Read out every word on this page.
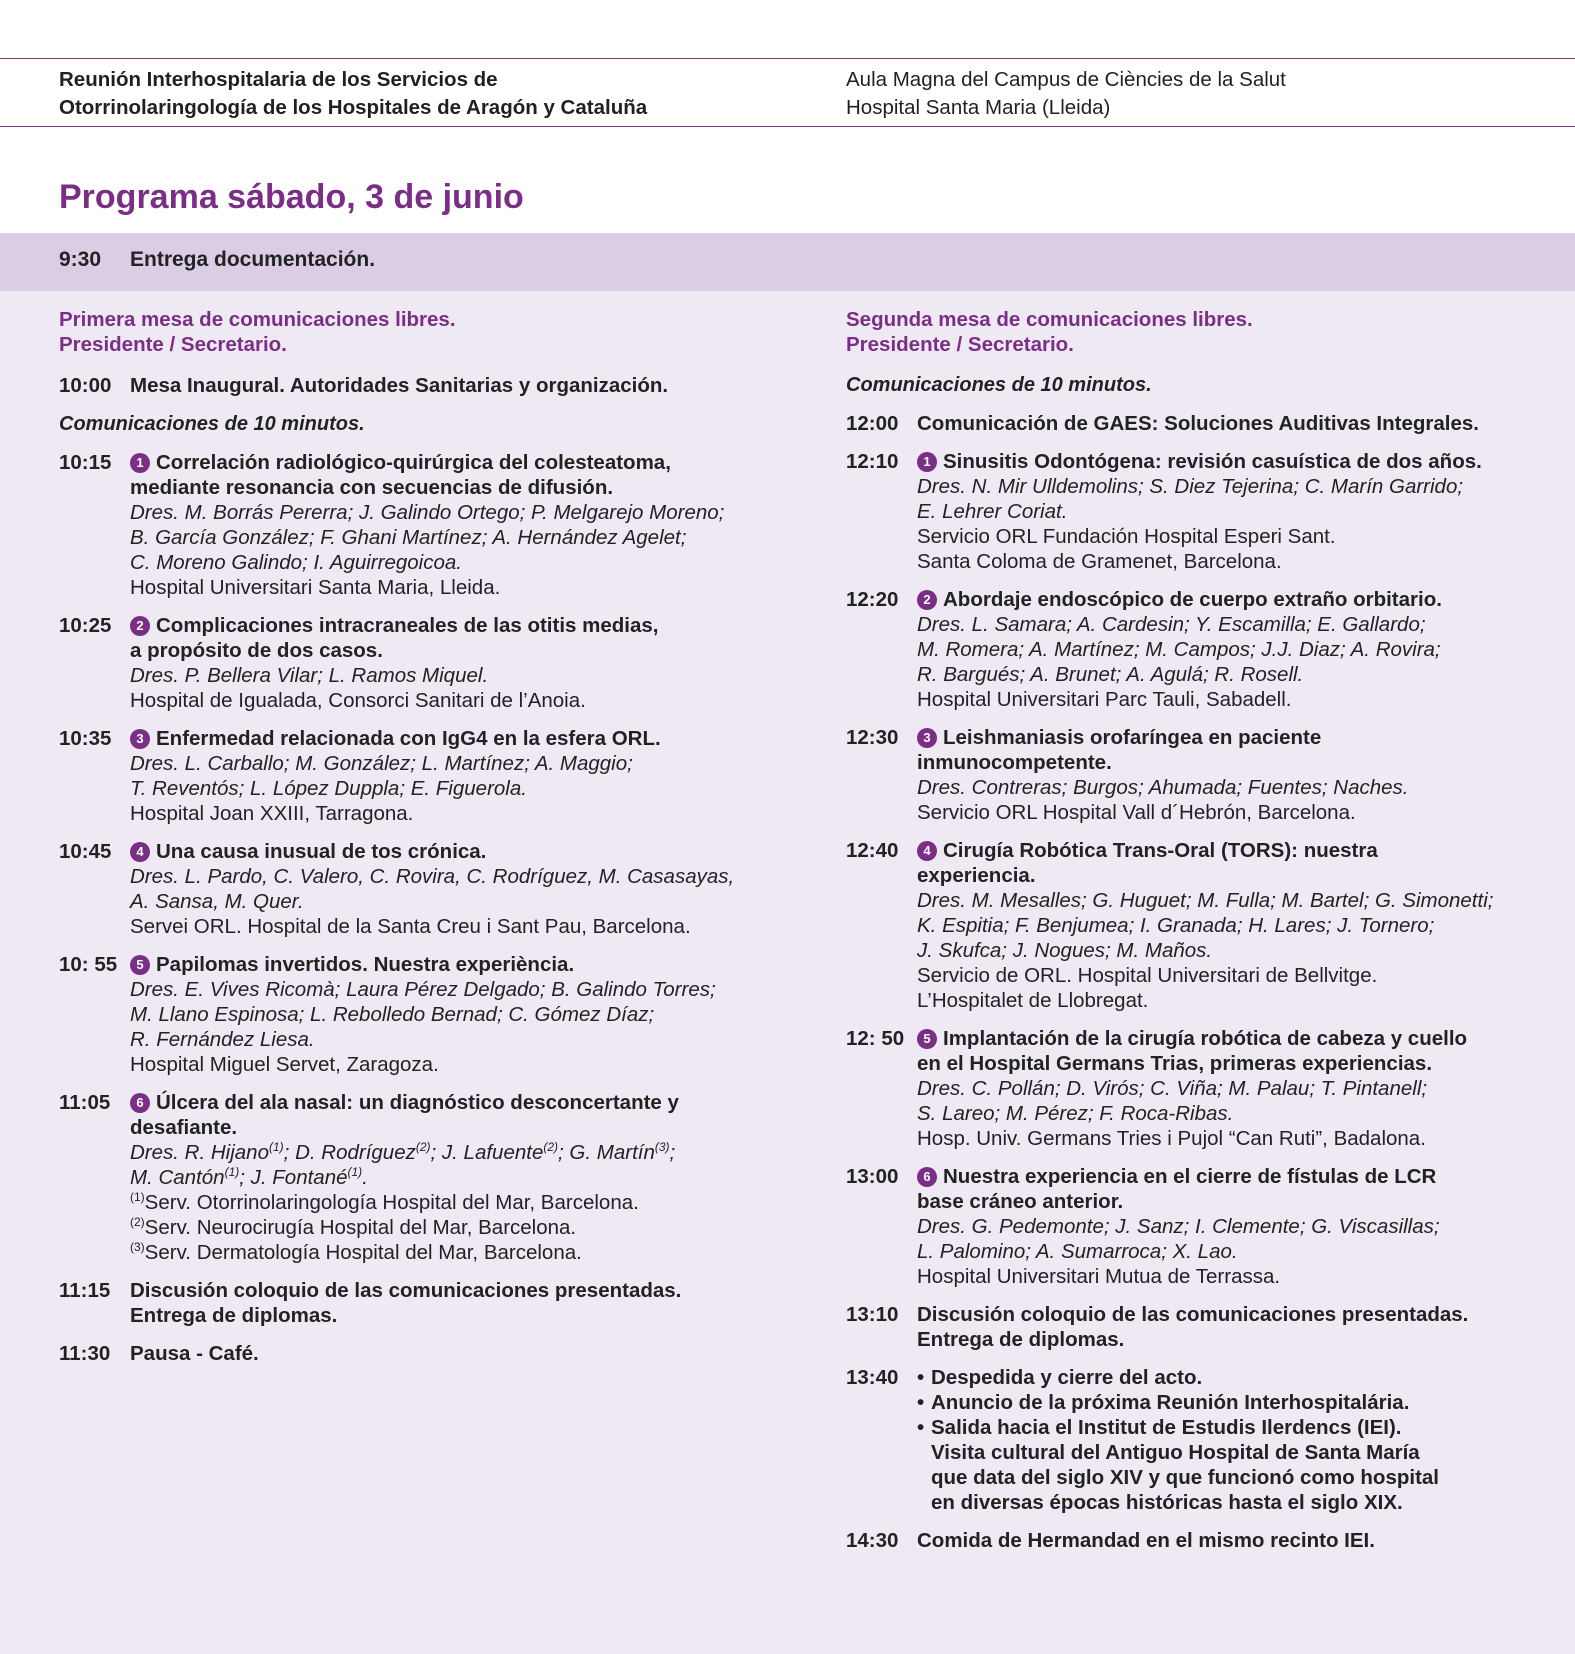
Reunión Interhospitalaria de los Servicios de
Otorrinolaringología de los Hospitales de Aragón y Cataluña
Aula Magna del Campus de Ciències de la Salut
Hospital Santa Maria (Lleida)
Programa sábado, 3 de junio
9:30 Entrega documentación.
Primera mesa de comunicaciones libres.
Presidente / Secretario.
10:00 Mesa Inaugural. Autoridades Sanitarias y organización.
Comunicaciones de 10 minutos.
10:15	1 Correlación radiológico-quirúrgica del colesteatoma,
mediante resonancia con secuencias de difusión.
Dres. M. Borrás Pererra; J. Galindo Ortego; P. Melgarejo Moreno;
B. García González; F. Ghani Martínez; A. Hernández Agelet;
C. Moreno Galindo; I. Aguirregoicoa.
Hospital Universitari Santa Maria, Lleida.
10:25	2 Complicaciones intracraneales de las otitis medias,
a propósito de dos casos.
Dres. P. Bellera Vilar; L. Ramos Miquel.
Hospital de Igualada, Consorci Sanitari de l’Anoia.
10:35	3 Enfermedad relacionada con IgG4 en la esfera ORL.
Dres. L. Carballo; M. González; L. Martínez; A. Maggio;
T. Reventós; L. López Duppla; E. Figuerola.
Hospital Joan XXIII, Tarragona.
10:45	4 Una causa inusual de tos crónica.
Dres. L. Pardo, C. Valero, C. Rovira, C. Rodríguez, M. Casasayas,
A. Sansa, M. Quer.
Servei ORL. Hospital de la Santa Creu i Sant Pau, Barcelona.
10: 55	5 Papilomas invertidos. Nuestra experiència.
Dres. E. Vives Ricomà; Laura Pérez Delgado; B. Galindo Torres;
M. Llano Espinosa; L. Rebolledo Bernad; C. Gómez Díaz;
R. Fernández Liesa.
Hospital Miguel Servet, Zaragoza.
11:05	6 Úlcera del ala nasal: un diagnóstico desconcertante y
desafiante.
Dres. R. Hijano$^{(1)}$; D. Rodríguez$^{(2)}$; J. Lafuente$^{(2)}$; G. Martín$^{(3)}$;
M. Cantón$^{(1)}$; J. Fontané$^{(1)}$.
$^{(1)}$Serv. Otorrinolaringología Hospital del Mar, Barcelona.
$^{(2)}$Serv. Neurocirugía Hospital del Mar, Barcelona.
$^{(3)}$Serv. Dermatología Hospital del Mar, Barcelona.
11:15 Discusión coloquio de las comunicaciones presentadas.
Entrega de diplomas.
11:30 Pausa - Café.
Segunda mesa de comunicaciones libres.
Presidente / Secretario.
Comunicaciones de 10 minutos.
12:00 Comunicación de GAES: Soluciones Auditivas Integrales.
12:10	1 Sinusitis Odontógena: revisión casuística de dos años.
Dres. N. Mir Ulldemolins; S. Diez Tejerina; C. Marín Garrido;
E. Lehrer Coriat.
Servicio ORL Fundación Hospital Esperi Sant.
Santa Coloma de Gramenet, Barcelona.
12:20	2 Abordaje endoscópico de cuerpo extraño orbitario.
Dres. L. Samara; A. Cardesin; Y. Escamilla; E. Gallardo;
M. Romera; A. Martínez; M. Campos; J.J. Diaz; A. Rovira;
R. Bargués; A. Brunet; A. Agulá; R. Rosell.
Hospital Universitari Parc Tauli, Sabadell.
12:30	3 Leishmaniasis orofaríngea en paciente
inmunocompetente.
Dres. Contreras; Burgos; Ahumada; Fuentes; Naches.
Servicio ORL Hospital Vall d´Hebrón, Barcelona.
12:40	4 Cirugía Robótica Trans-Oral (TORS): nuestra
experiencia.
Dres. M. Mesalles; G. Huguet; M. Fulla; M. Bartel; G. Simonetti;
K. Espitia; F. Benjumea; I. Granada; H. Lares; J. Tornero;
J. Skufca; J. Nogues; M. Maños.
Servicio de ORL. Hospital Universitari de Bellvitge.
L’Hospitalet de Llobregat.
12: 50	5 Implantación de la cirugía robótica de cabeza y cuello
en el Hospital Germans Trias, primeras experiencias.
Dres. C. Pollán; D. Virós; C. Viña; M. Palau; T. Pintanell;
S. Lareo; M. Pérez; F. Roca-Ribas.
Hosp. Univ. Germans Tries i Pujol “Can Ruti”, Badalona.
13:00	6 Nuestra experiencia en el cierre de fístulas de LCR
base cráneo anterior.
Dres. G. Pedemonte; J. Sanz; I. Clemente; G. Viscasillas;
L. Palomino; A. Sumarroca; X. Lao.
Hospital Universitari Mutua de Terrassa.
13:10 Discusión coloquio de las comunicaciones presentadas.
Entrega de diplomas.
13:40 • Despedida y cierre del acto.
• Anuncio de la próxima Reunión Interhospitalária.
• Salida hacia el Institut de Estudis Ilerdencs (IEI).
Visita cultural del Antiguo Hospital de Santa María
que data del siglo XIV y que funcionó como hospital
en diversas épocas históricas hasta el siglo XIX.
14:30 Comida de Hermandad en el mismo recinto IEI.
